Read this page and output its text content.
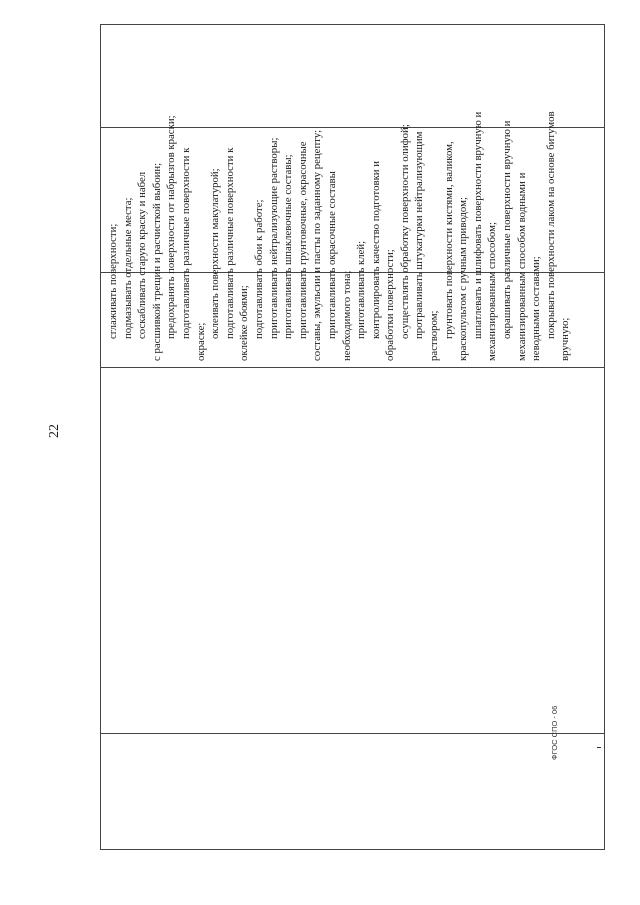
22
сглаживать поверхности; подмазывать отдельные места; соскабливать старую краску и набел с расшивкой трещин и расчисткой выбоин; предохранять поверхности от набрызгов краски; подготавливать различные поверхности к
окраске;
оклеивать поверхности макулатурой; подготавливать различные поверхности к оклейке обоями; подготавливать обои к работе; приготавливать нейтрализующие растворы; приготавливать шпаклевочные составы; приготавливать грунтовочные, окрасочные составы, эмульсии и пасты по заданному рецепту; приготавливать окрасочные составы необходимого тона; приготавливать клей; контролировать качество подготовки и обработки поверхности; осуществлять обработку поверхности олифой; протравливать штукатурки нейтрализующим раствором; грунтовать поверхности кистями, валиком, краскопультом с ручным приводом; шпатлевать и шлифовать поверхности вручную и механизированным способом; окрашивать различные поверхности вручную и механизированным способом водными и неводными составами; покрывать поверхности лаком на основе битумов
вручную;
ФГОС СПО - 06
